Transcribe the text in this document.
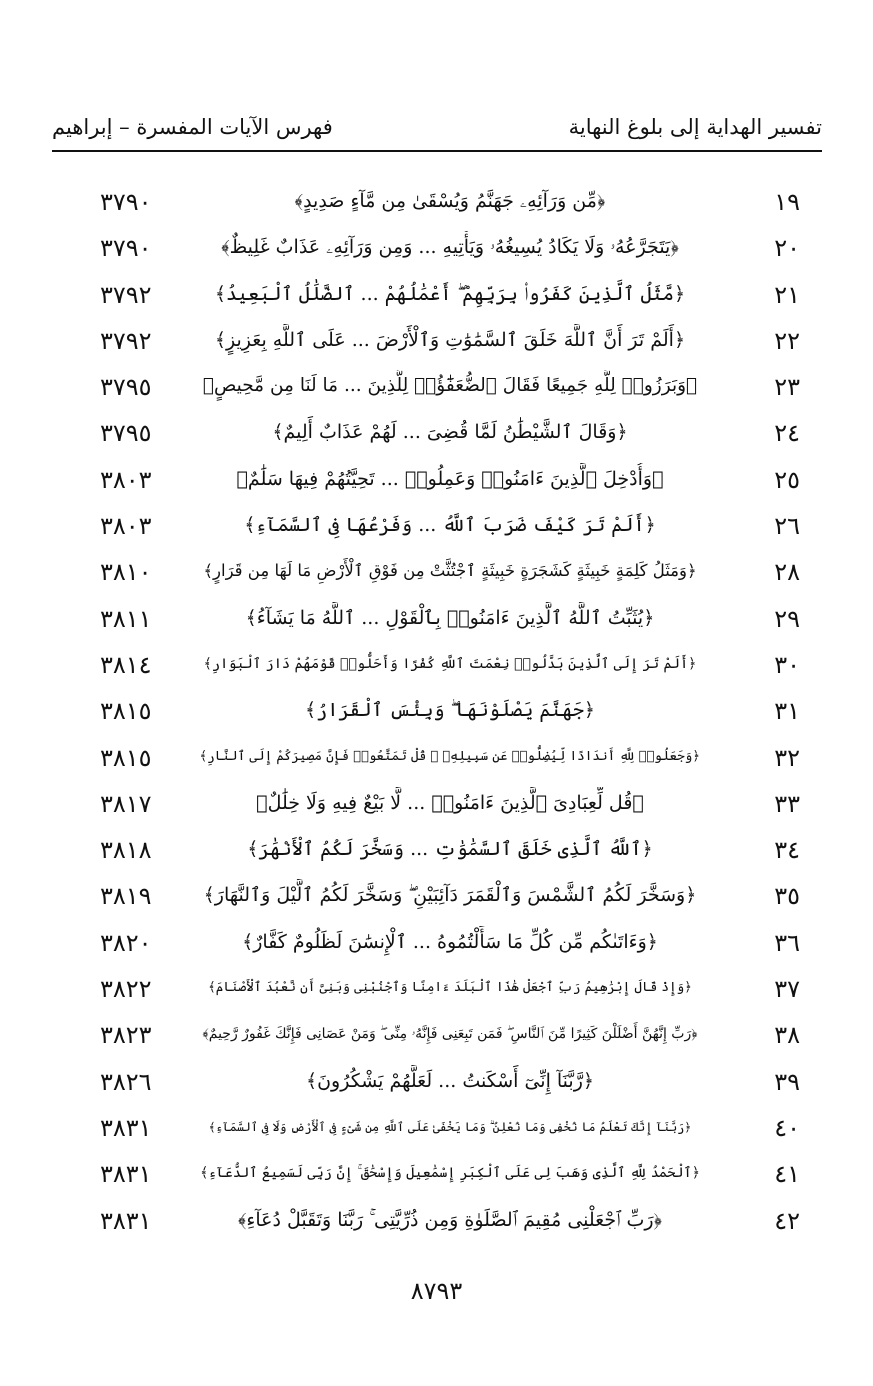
تفسير الهداية إلى بلوغ النهاية
فهرس الآيات المفسرة – إبراهيم
١٩
﴿مِّن وَرَآئِهِۦ جَهَنَّمُ وَيُسْقَىٰ مِن مَّآءٍ صَدِيدٍ﴾
٣٧٩٠
٢٠
﴿يَتَجَرَّعُهُۥ وَلَا يَكَادُ يُسِيغُهُۥ وَيَأْتِيهِ ... وَمِن وَرَآئِهِۦ عَذَابٌ غَلِيظٌ﴾
٣٧٩٠
٢١
﴿مَّثَلُ ٱلَّذِينَ كَفَرُوا۟ بِرَبِّهِمْ ۖ أَعْمَٰلُهُمْ ... ٱلضَّلَٰلُ ٱلْبَعِيدُ﴾
٣٧٩٢
٢٢
﴿أَلَمْ تَرَ أَنَّ ٱللَّهَ خَلَقَ ٱلسَّمَٰوَٰتِ وَٱلْأَرْضَ ... عَلَى ٱللَّهِ بِعَزِيزٍ﴾
٣٧٩٢
٢٣
﴿وَبَرَزُوا۟ لِلَّهِ جَمِيعًا فَقَالَ ٱلضُّعَفَٰٓؤُا۟ لِلَّذِينَ ... مَا لَنَا مِن مَّحِيصٍ﴾
٣٧٩٥
٢٤
﴿وَقَالَ ٱلشَّيْطَٰنُ لَمَّا قُضِىَ ... لَهُمْ عَذَابٌ أَلِيمٌ﴾
٣٧٩٥
٢٥
﴿وَأُدْخِلَ ٱلَّذِينَ ءَامَنُوا۟ وَعَمِلُوا۟ ... تَحِيَّتُهُمْ فِيهَا سَلَٰمٌ﴾
٣٨٠٣
٢٦
﴿أَلَمْ تَرَ كَيْفَ ضَرَبَ ٱللَّهُ ... وَفَرْعُهَا فِى ٱلسَّمَآءِ﴾
٣٨٠٣
٢٨
﴿وَمَثَلُ كَلِمَةٍ خَبِيثَةٍ كَشَجَرَةٍ خَبِيثَةٍ ٱجْتُثَّتْ مِن فَوْقِ ٱلْأَرْضِ مَا لَهَا مِن قَرَارٍ﴾
٣٨١٠
٢٩
﴿يُثَبِّتُ ٱللَّهُ ٱلَّذِينَ ءَامَنُوا۟ بِٱلْقَوْلِ ... ٱللَّهُ مَا يَشَآءُ﴾
٣٨١١
٣٠
﴿أَلَمْ تَرَ إِلَى ٱلَّذِينَ بَدَّلُوا۟ نِعْمَتَ ٱللَّهِ كُفْرًا وَأَحَلُّوا۟ قَوْمَهُمْ دَارَ ٱلْبَوَارِ﴾
٣٨١٤
٣١
﴿جَهَنَّمَ يَصْلَوْنَهَا ۖ وَبِئْسَ ٱلْقَرَارُ﴾
٣٨١٥
٣٢
﴿وَجَعَلُوا۟ لِلَّهِ أَندَادًا لِّيُضِلُّوا۟ عَن سَبِيلِهِۦ ۗ قُلْ تَمَتَّعُوا۟ فَإِنَّ مَصِيرَكُمْ إِلَى ٱلنَّارِ﴾
٣٨١٥
٣٣
﴿قُل لِّعِبَادِىَ ٱلَّذِينَ ءَامَنُوا۟ ... لَّا بَيْعٌ فِيهِ وَلَا خِلَٰلٌ﴾
٣٨١٧
٣٤
﴿ٱللَّهُ ٱلَّذِى خَلَقَ ٱلسَّمَٰوَٰتِ ... وَسَخَّرَ لَكُمُ ٱلْأَنْهَٰرَ﴾
٣٨١٨
٣٥
﴿وَسَخَّرَ لَكُمُ ٱلشَّمْسَ وَٱلْقَمَرَ دَآئِبَيْنِ ۖ وَسَخَّرَ لَكُمُ ٱلَّيْلَ وَٱلنَّهَارَ﴾
٣٨١٩
٣٦
﴿وَءَاتَىٰكُم مِّن كُلِّ مَا سَأَلْتُمُوهُ ... ٱلْإِنسَٰنَ لَظَلُومٌ كَفَّارٌ﴾
٣٨٢٠
٣٧
﴿وَإِذْ قَالَ إِبْرَٰهِيمُ رَبِّ ٱجْعَلْ هَٰذَا ٱلْبَلَدَ ءَامِنًا وَٱجْنُبْنِى وَبَنِىَّ أَن نَّعْبُدَ ٱلْأَصْنَامَ﴾
٣٨٢٢
٣٨
﴿رَبِّ إِنَّهُنَّ أَضْلَلْنَ كَثِيرًا مِّنَ ٱلنَّاسِ ۖ فَمَن تَبِعَنِى فَإِنَّهُۥ مِنِّى ۖ وَمَنْ عَصَانِى فَإِنَّكَ غَفُورٌ رَّحِيمٌ﴾
٣٨٢٣
٣٩
﴿رَّبَّنَآ إِنِّىٓ أَسْكَنتُ ... لَعَلَّهُمْ يَشْكُرُونَ﴾
٣٨٢٦
٤٠
﴿رَبَّنَآ إِنَّكَ تَعْلَمُ مَا نُخْفِى وَمَا نُعْلِنُ ۗ وَمَا يَخْفَىٰ عَلَى ٱللَّهِ مِن شَىْءٍ فِى ٱلْأَرْضِ وَلَا فِى ٱلسَّمَآءِ﴾
٣٨٣١
٤١
﴿ٱلْحَمْدُ لِلَّهِ ٱلَّذِى وَهَبَ لِى عَلَى ٱلْكِبَرِ إِسْمَٰعِيلَ وَإِسْحَٰقَ ۚ إِنَّ رَبِّى لَسَمِيعُ ٱلدُّعَآءِ﴾
٣٨٣١
٤٢
﴿رَبِّ ٱجْعَلْنِى مُقِيمَ ٱلصَّلَوٰةِ وَمِن ذُرِّيَّتِى ۚ رَبَّنَا وَتَقَبَّلْ دُعَآءِ﴾
٣٨٣١
٨٧٩٣
